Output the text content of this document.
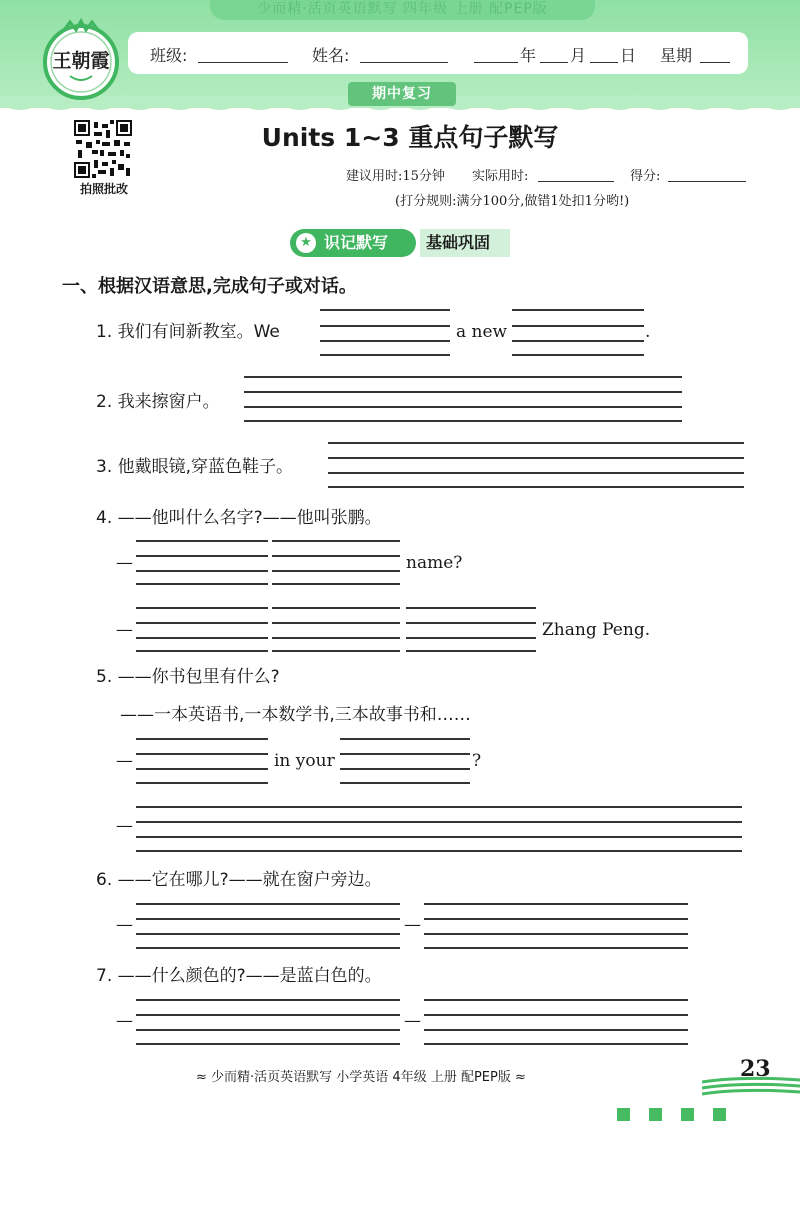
少而精·活页英语默写 四年级 上册 配PEP版
王朝霞	班级:	姓名:	年 月 日 星期
期中复习
拍照批改
Units 1~3 重点句子默写
建议用时:15分钟 实际用时:	得分:
(打分规则:满分100分,做错1处扣1分哟!)
★ 识记默写	基础巩固
一、根据汉语意思,完成句子或对话。
1. 我们有间新教室。We	a new	.
2. 我来擦窗户。
3. 他戴眼镜,穿蓝色鞋子。
4. ——他叫什么名字?——他叫张鹏。
—	name?
—	Zhang Peng.
5. ——你书包里有什么?
——一本英语书,一本数学书,三本故事书和……
—	in your	?
—
6. ——它在哪儿?——就在窗户旁边。
—	—
7. ——什么颜色的?——是蓝白色的。
—	—
≈ 少而精·活页英语默写 小学英语 4年级 上册 配PEP版 ≈	23
